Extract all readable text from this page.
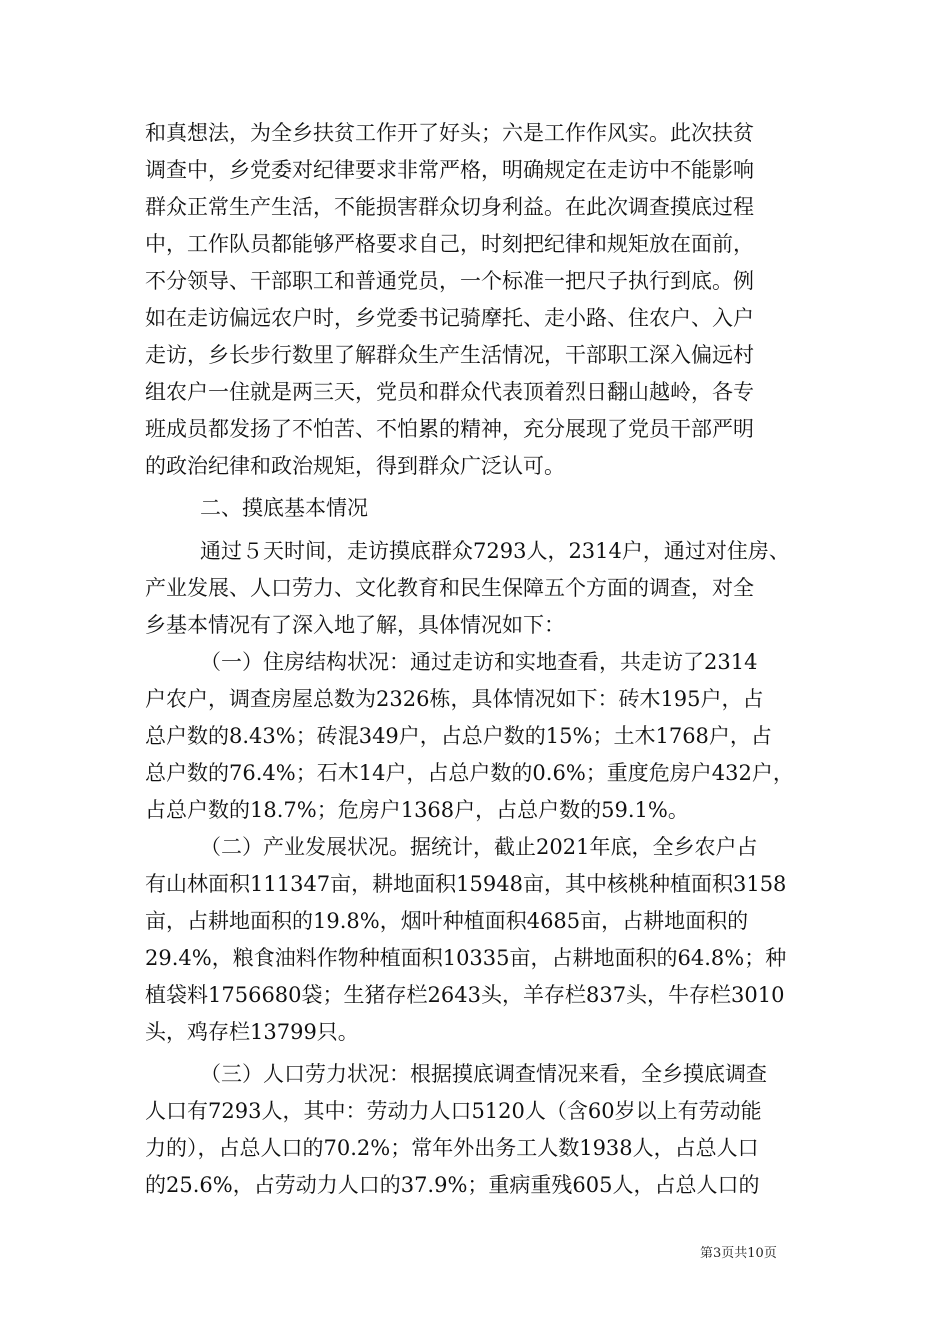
和真想法，为全乡扶贫工作开了好头；六是工作作风实。此次扶贫
调查中，乡党委对纪律要求非常严格，明确规定在走访中不能影响
群众正常生产生活，不能损害群众切身利益。在此次调查摸底过程
中，工作队员都能够严格要求自己，时刻把纪律和规矩放在面前，
不分领导、干部职工和普通党员，一个标准一把尺子执行到底。例
如在走访偏远农户时，乡党委书记骑摩托、走小路、住农户、入户
走访，乡长步行数里了解群众生产生活情况，干部职工深入偏远村
组农户一住就是两三天，党员和群众代表顶着烈日翻山越岭，各专
班成员都发扬了不怕苦、不怕累的精神，充分展现了党员干部严明
的政治纪律和政治规矩，得到群众广泛认可。
二、摸底基本情况
通过５天时间，走访摸底群众7293人，2314户，通过对住房、
产业发展、人口劳力、文化教育和民生保障五个方面的调查，对全
乡基本情况有了深入地了解，具体情况如下：
（一）住房结构状况：通过走访和实地查看，共走访了2314
户农户，调查房屋总数为2326栋，具体情况如下：砖木195户，占
总户数的8.43%；砖混349户，占总户数的15%；土木1768户，占
总户数的76.4%；石木14户，占总户数的0.6%；重度危房户432户，
占总户数的18.7%；危房户1368户，占总户数的59.1%。
（二）产业发展状况。据统计，截止2021年底，全乡农户占
有山林面积111347亩，耕地面积15948亩，其中核桃种植面积3158
亩，占耕地面积的19.8%，烟叶种植面积4685亩，占耕地面积的
29.4%，粮食油料作物种植面积10335亩，占耕地面积的64.8%；种
植袋料1756680袋；生猪存栏2643头，羊存栏837头，牛存栏3010
头，鸡存栏13799只。
（三）人口劳力状况：根据摸底调查情况来看，全乡摸底调查
人口有7293人，其中：劳动力人口5120人（含60岁以上有劳动能
力的），占总人口的70.2%；常年外出务工人数1938人，占总人口
的25.6%，占劳动力人口的37.9%；重病重残605人，占总人口的
第3页共10页
